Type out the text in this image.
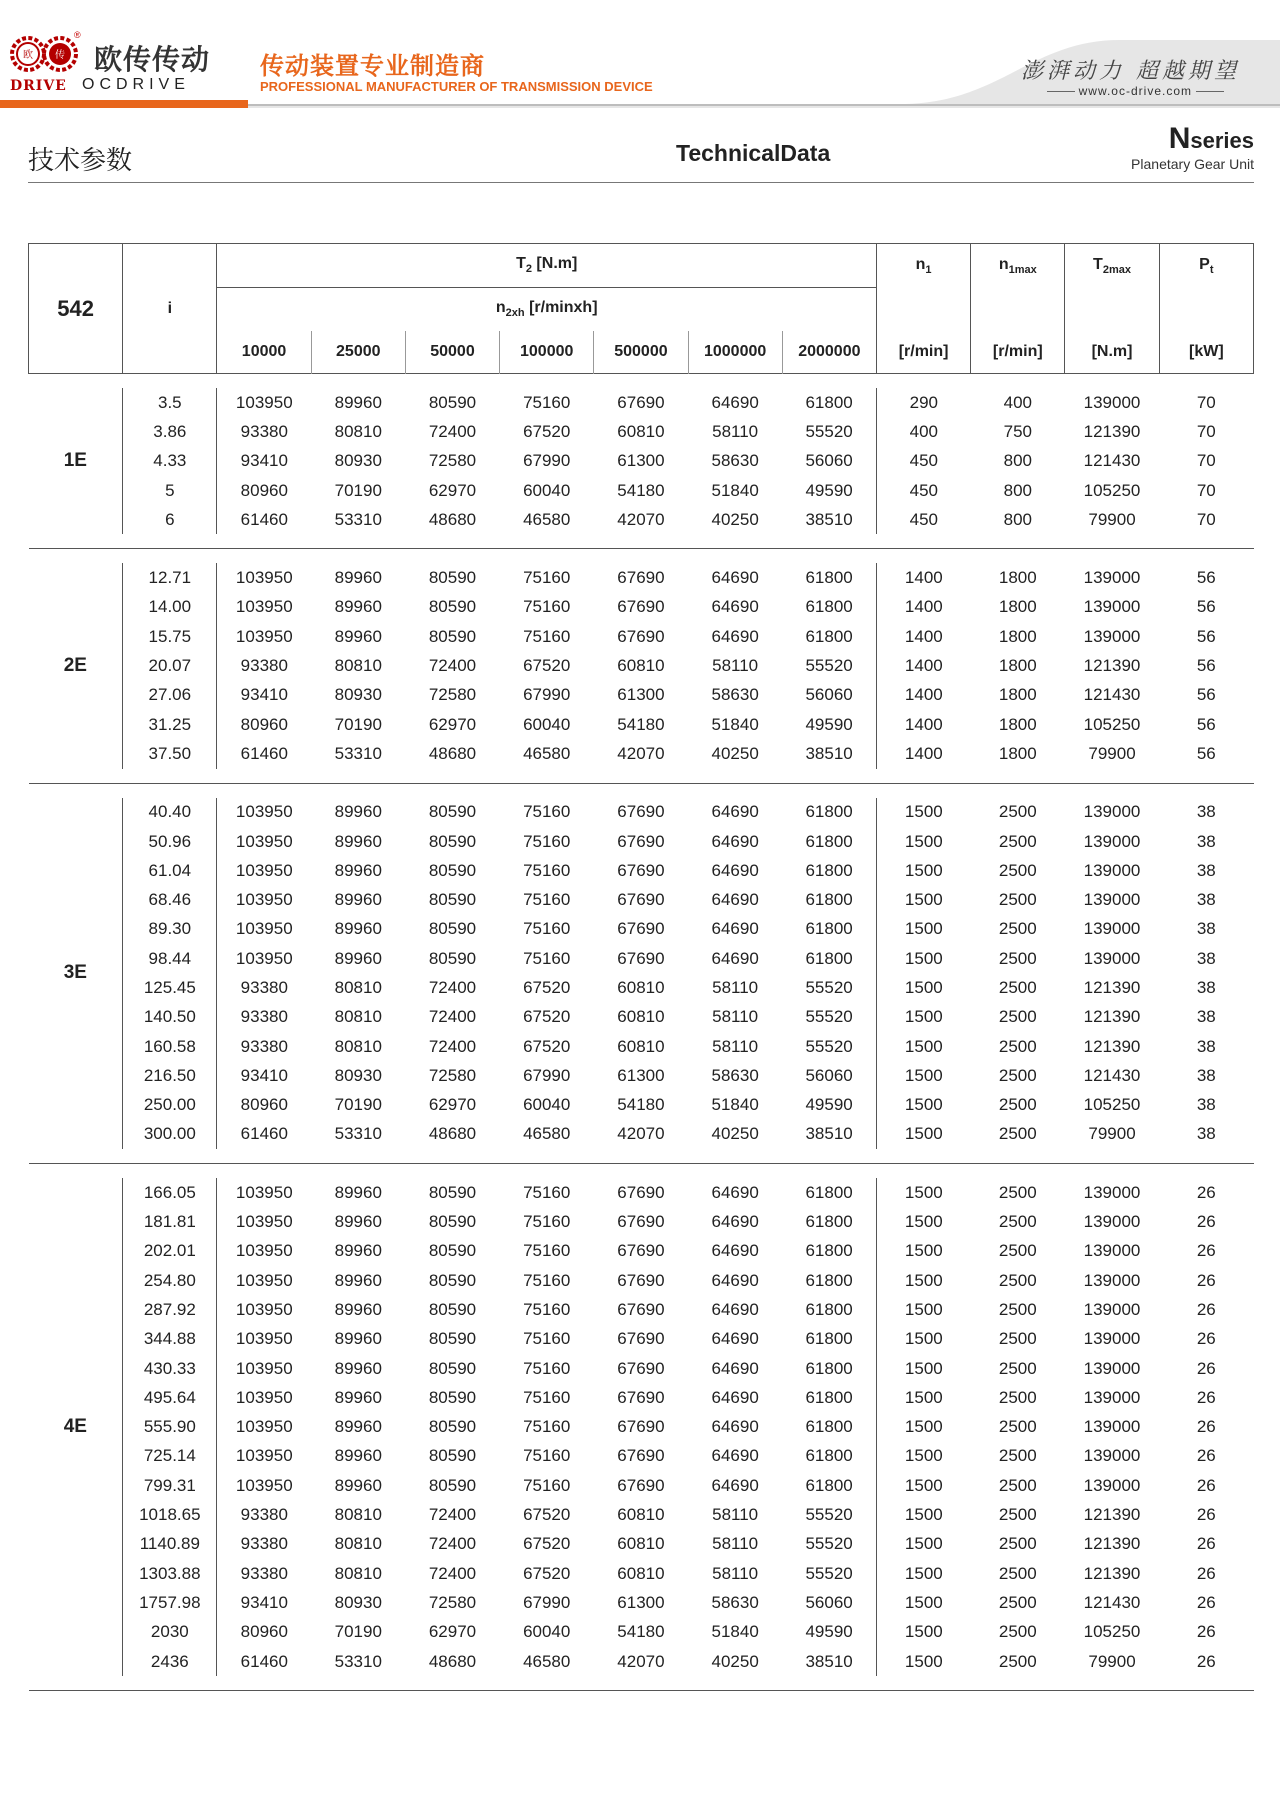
欧 传
®
欧传传动
DRIVE OCDRIVE
传动装置专业制造商
PROFESSIONAL MANUFACTURER OF TRANSMISSION DEVICE
澎湃动力 超越期望
www.oc-drive.com
技术参数	TechnicalData	Nseries
Planetary Gear Unit
542	i	$T_2$ [N.m]							$n_1$	$n_{1max}$	$T_{2max}$	$P_t$
		$n_{2xh}$ [r/minxh]										
		10000	25000	50000	100000	500000	1000000	2000000	[r/min]	[r/min]	[N.m]	[kW]

1E	3.5	103950	89960	80590	75160	67690	64690	61800	290	400	139000	70
	3.86	93380	80810	72400	67520	60810	58110	55520	400	750	121390	70
	4.33	93410	80930	72580	67990	61300	58630	56060	450	800	121430	70
	5	80960	70190	62970	60040	54180	51840	49590	450	800	105250	70
	6	61460	53310	48680	46580	42070	40250	38510	450	800	79900	70

2E	12.71	103950	89960	80590	75160	67690	64690	61800	1400	1800	139000	56
	14.00	103950	89960	80590	75160	67690	64690	61800	1400	1800	139000	56
	15.75	103950	89960	80590	75160	67690	64690	61800	1400	1800	139000	56
	20.07	93380	80810	72400	67520	60810	58110	55520	1400	1800	121390	56
	27.06	93410	80930	72580	67990	61300	58630	56060	1400	1800	121430	56
	31.25	80960	70190	62970	60040	54180	51840	49590	1400	1800	105250	56
	37.50	61460	53310	48680	46580	42070	40250	38510	1400	1800	79900	56

3E	40.40	103950	89960	80590	75160	67690	64690	61800	1500	2500	139000	38
	50.96	103950	89960	80590	75160	67690	64690	61800	1500	2500	139000	38
	61.04	103950	89960	80590	75160	67690	64690	61800	1500	2500	139000	38
	68.46	103950	89960	80590	75160	67690	64690	61800	1500	2500	139000	38
	89.30	103950	89960	80590	75160	67690	64690	61800	1500	2500	139000	38
	98.44	103950	89960	80590	75160	67690	64690	61800	1500	2500	139000	38
	125.45	93380	80810	72400	67520	60810	58110	55520	1500	2500	121390	38
	140.50	93380	80810	72400	67520	60810	58110	55520	1500	2500	121390	38
	160.58	93380	80810	72400	67520	60810	58110	55520	1500	2500	121390	38
	216.50	93410	80930	72580	67990	61300	58630	56060	1500	2500	121430	38
	250.00	80960	70190	62970	60040	54180	51840	49590	1500	2500	105250	38
	300.00	61460	53310	48680	46580	42070	40250	38510	1500	2500	79900	38

4E	166.05	103950	89960	80590	75160	67690	64690	61800	1500	2500	139000	26
	181.81	103950	89960	80590	75160	67690	64690	61800	1500	2500	139000	26
	202.01	103950	89960	80590	75160	67690	64690	61800	1500	2500	139000	26
	254.80	103950	89960	80590	75160	67690	64690	61800	1500	2500	139000	26
	287.92	103950	89960	80590	75160	67690	64690	61800	1500	2500	139000	26
	344.88	103950	89960	80590	75160	67690	64690	61800	1500	2500	139000	26
	430.33	103950	89960	80590	75160	67690	64690	61800	1500	2500	139000	26
	495.64	103950	89960	80590	75160	67690	64690	61800	1500	2500	139000	26
	555.90	103950	89960	80590	75160	67690	64690	61800	1500	2500	139000	26
	725.14	103950	89960	80590	75160	67690	64690	61800	1500	2500	139000	26
	799.31	103950	89960	80590	75160	67690	64690	61800	1500	2500	139000	26
	1018.65	93380	80810	72400	67520	60810	58110	55520	1500	2500	121390	26
	1140.89	93380	80810	72400	67520	60810	58110	55520	1500	2500	121390	26
	1303.88	93380	80810	72400	67520	60810	58110	55520	1500	2500	121390	26
	1757.98	93410	80930	72580	67990	61300	58630	56060	1500	2500	121430	26
	2030	80960	70190	62970	60040	54180	51840	49590	1500	2500	105250	26
	2436	61460	53310	48680	46580	42070	40250	38510	1500	2500	79900	26
